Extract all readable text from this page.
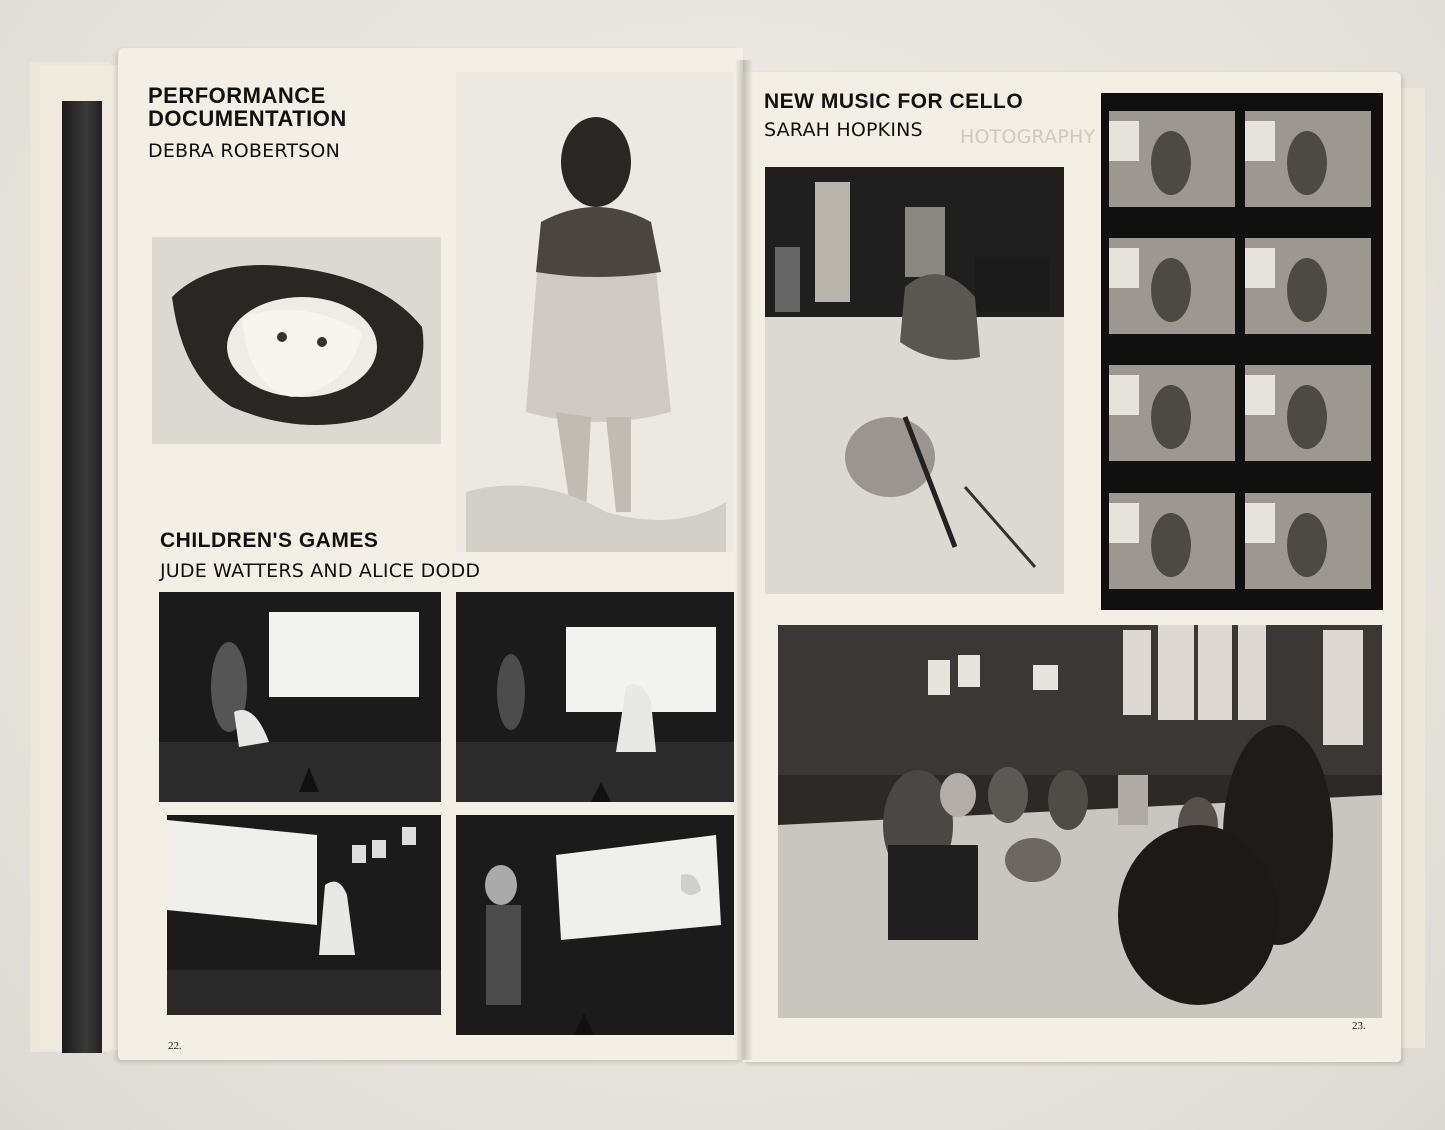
PERFORMANCE
DOCUMENTATION
DEBRA ROBERTSON
CHILDREN'S GAMES
JUDE WATTERS AND ALICE DODD
22.
NEW MUSIC FOR CELLO
SARAH HOPKINS HOTOGRAPHY
23.
